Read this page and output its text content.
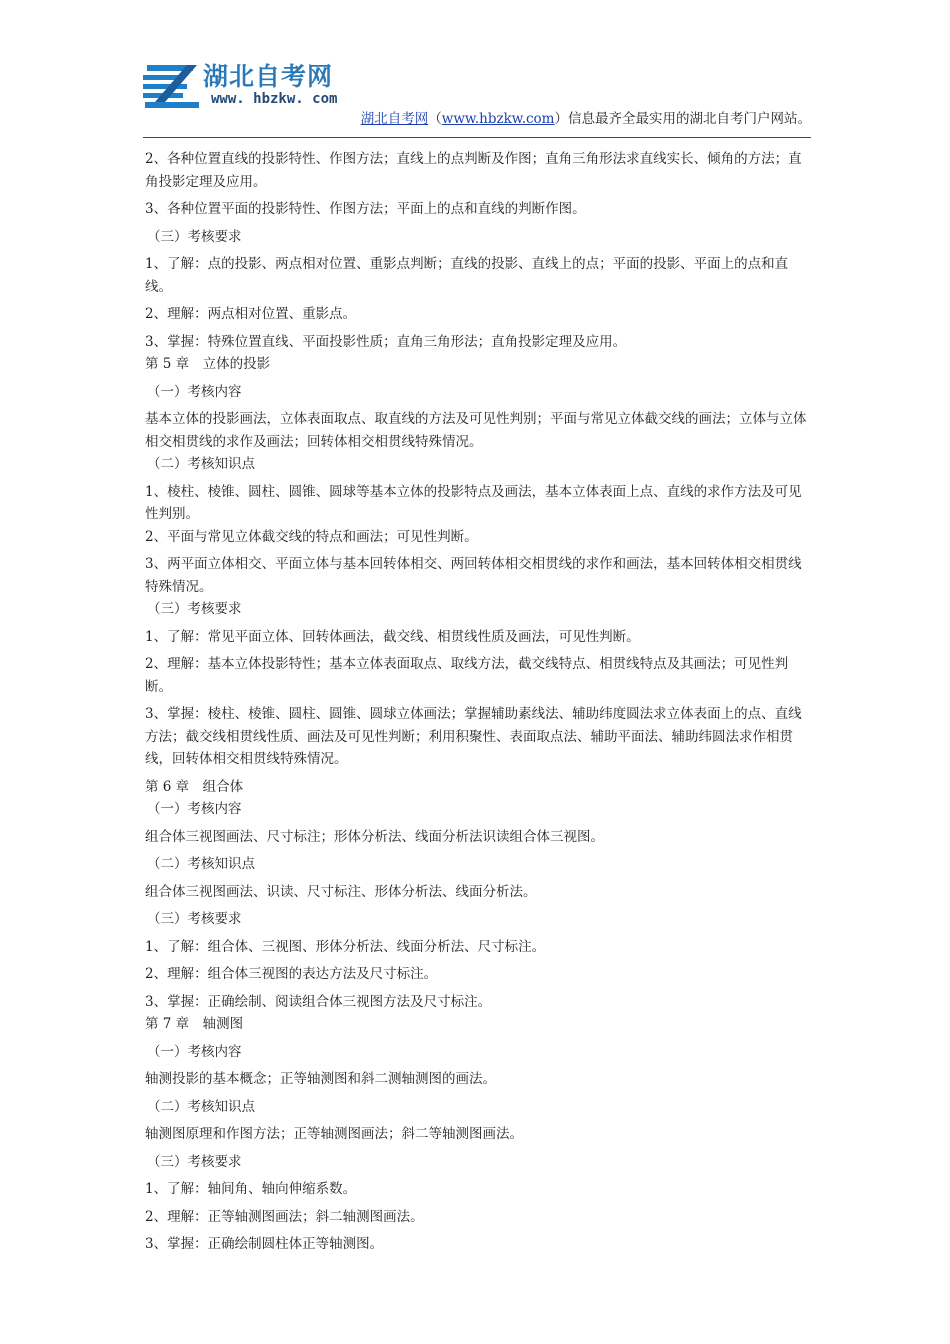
湖北自考网
www. hbzkw. com
湖北自考网（www.hbzkw.com）信息最齐全最实用的湖北自考门户网站。

2、各种位置直线的投影特性、作图方法；直线上的点判断及作图；直角三角形法求直线实长、倾角的方法；直角投影定理及应用。

3、各种位置平面的投影特性、作图方法；平面上的点和直线的判断作图。

（三）考核要求

1、了解：点的投影、两点相对位置、重影点判断；直线的投影、直线上的点；平面的投影、平面上的点和直线。

2、理解：两点相对位置、重影点。

3、掌握：特殊位置直线、平面投影性质；直角三角形法；直角投影定理及应用。

第 5 章　立体的投影

（一）考核内容

基本立体的投影画法，立体表面取点、取直线的方法及可见性判别；平面与常见立体截交线的画法；立体与立体相交相贯线的求作及画法；回转体相交相贯线特殊情况。

（二）考核知识点

1、棱柱、棱锥、圆柱、圆锥、圆球等基本立体的投影特点及画法，基本立体表面上点、直线的求作方法及可见性判别。

2、平面与常见立体截交线的特点和画法；可见性判断。

3、两平面立体相交、平面立体与基本回转体相交、两回转体相交相贯线的求作和画法，基本回转体相交相贯线特殊情况。

（三）考核要求

1、了解：常见平面立体、回转体画法，截交线、相贯线性质及画法，可见性判断。

2、理解：基本立体投影特性；基本立体表面取点、取线方法，截交线特点、相贯线特点及其画法；可见性判断。

3、掌握：棱柱、棱锥、圆柱、圆锥、圆球立体画法；掌握辅助素线法、辅助纬度圆法求立体表面上的点、直线方法；截交线相贯线性质、画法及可见性判断；利用积聚性、表面取点法、辅助平面法、辅助纬圆法求作相贯线，回转体相交相贯线特殊情况。

第 6 章　组合体

（一）考核内容

组合体三视图画法、尺寸标注；形体分析法、线面分析法识读组合体三视图。

（二）考核知识点

组合体三视图画法、识读、尺寸标注、形体分析法、线面分析法。

（三）考核要求

1、了解：组合体、三视图、形体分析法、线面分析法、尺寸标注。

2、理解：组合体三视图的表达方法及尺寸标注。

3、掌握：正确绘制、阅读组合体三视图方法及尺寸标注。

第 7 章　轴测图

（一）考核内容

轴测投影的基本概念；正等轴测图和斜二测轴测图的画法。

（二）考核知识点

轴测图原理和作图方法；正等轴测图画法；斜二等轴测图画法。

（三）考核要求

1、了解：轴间角、轴向伸缩系数。

2、理解：正等轴测图画法；斜二轴测图画法。

3、掌握：正确绘制圆柱体正等轴测图。
